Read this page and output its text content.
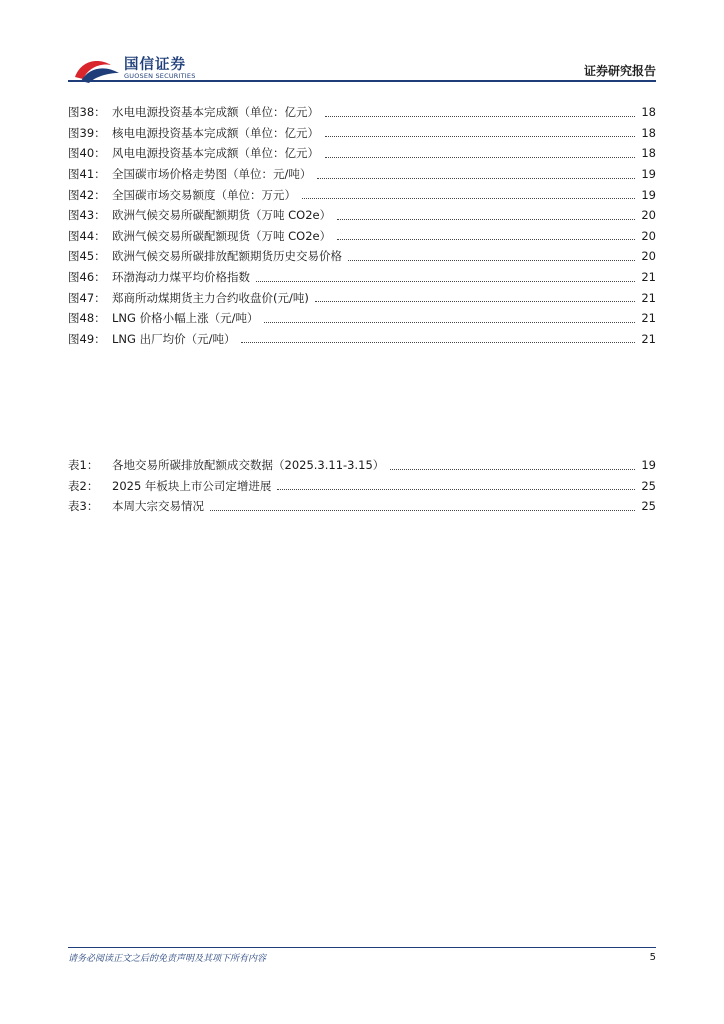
国信证券
GUOSEN SECURITIES	证券研究报告
图38： 水电电源投资基本完成额（单位：亿元）	18
图39： 核电电源投资基本完成额（单位：亿元）	18
图40： 风电电源投资基本完成额（单位：亿元）	18
图41： 全国碳市场价格走势图（单位：元/吨）	19
图42： 全国碳市场交易额度（单位：万元）	19
图43： 欧洲气候交易所碳配额期货（万吨 CO2e）	20
图44： 欧洲气候交易所碳配额现货（万吨 CO2e）	20
图45： 欧洲气候交易所碳排放配额期货历史交易价格	20
图46： 环渤海动力煤平均价格指数	21
图47： 郑商所动煤期货主力合约收盘价(元/吨)	21
图48： LNG 价格小幅上涨（元/吨）	21
图49： LNG 出厂均价（元/吨）	21
表1：	各地交易所碳排放配额成交数据（2025.3.11-3.15）	19
表2：	2025 年板块上市公司定增进展	25
表3：	本周大宗交易情况	25
请务必阅读正文之后的免责声明及其项下所有内容	5
